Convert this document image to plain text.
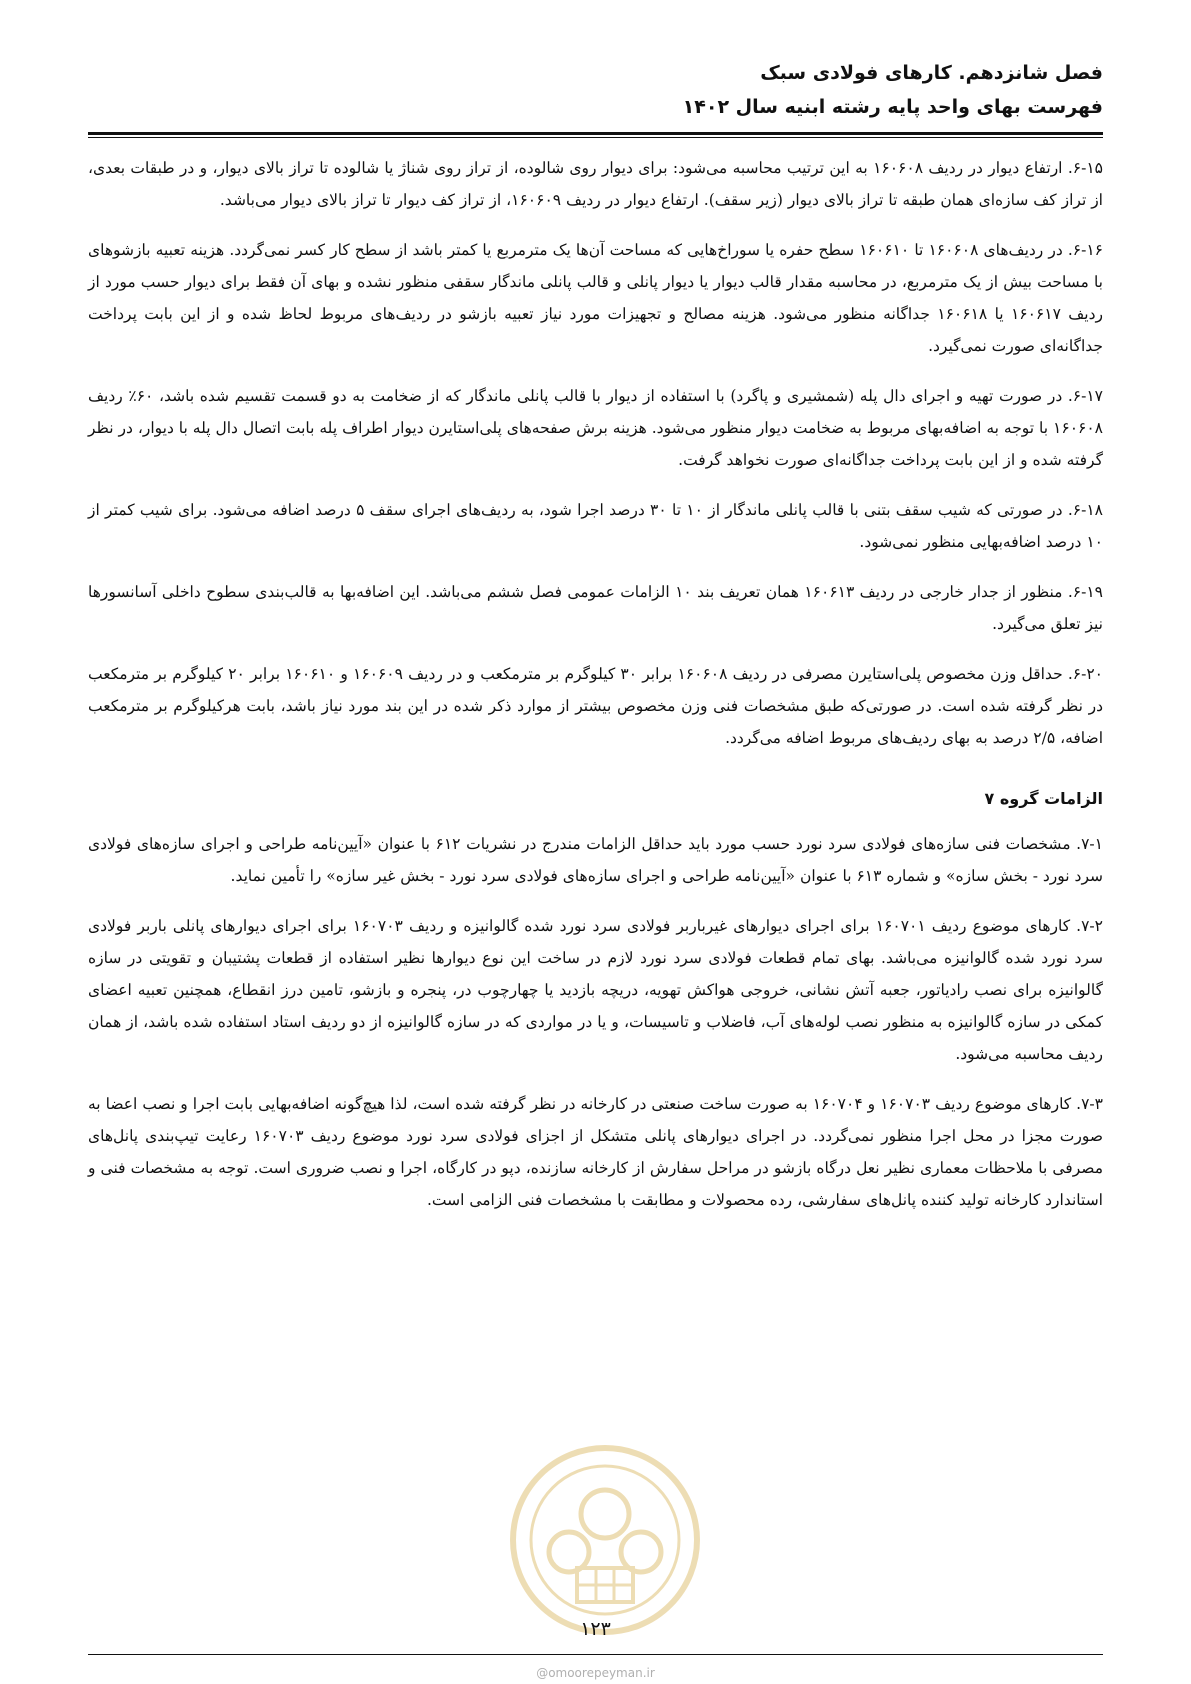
فصل شانزدهم. کارهای فولادی سبک
فهرست بهای واحد پایه رشته ابنیه سال ۱۴۰۲

۶-۱۵. ارتفاع دیوار در ردیف ۱۶۰۶۰۸ به این ترتیب محاسبه می‌شود: برای دیوار روی شالوده، از تراز روی شناژ یا شالوده تا تراز بالای دیوار، و در طبقات بعدی، از تراز کف سازه‌ای همان طبقه تا تراز بالای دیوار (زیر سقف). ارتفاع دیوار در ردیف ۱۶۰۶۰۹، از تراز کف دیوار تا تراز بالای دیوار می‌باشد.

۶-۱۶. در ردیف‌های ۱۶۰۶۰۸ تا ۱۶۰۶۱۰ سطح حفره یا سوراخ‌هایی که مساحت آن‌ها یک مترمربع یا کمتر باشد از سطح کار کسر نمی‌گردد. هزینه تعبیه بازشوهای با مساحت بیش از یک مترمربع، در محاسبه مقدار قالب دیوار یا دیوار پانلی و قالب پانلی ماندگار سقفی منظور نشده و بهای آن فقط برای دیوار حسب مورد از ردیف ۱۶۰۶۱۷ یا ۱۶۰۶۱۸ جداگانه منظور می‌شود. هزینه مصالح و تجهیزات مورد نیاز تعبیه بازشو در ردیف‌های مربوط لحاظ شده و از این بابت پرداخت جداگانه‌ای صورت نمی‌گیرد.

۶-۱۷. در صورت تهیه و اجرای دال پله (شمشیری و پاگرد) با استفاده از دیوار با قالب پانلی ماندگار که از ضخامت به دو قسمت تقسیم شده باشد، ۶۰٪ ردیف ۱۶۰۶۰۸ با توجه به اضافه‌بهای مربوط به ضخامت دیوار منظور می‌شود. هزینه برش صفحه‌های پلی‌استایرن دیوار اطراف پله بابت اتصال دال پله با دیوار، در نظر گرفته شده و از این بابت پرداخت جداگانه‌ای صورت نخواهد گرفت.

۶-۱۸. در صورتی که شیب سقف بتنی با قالب پانلی ماندگار از ۱۰ تا ۳۰ درصد اجرا شود، به ردیف‌های اجرای سقف ۵ درصد اضافه می‌شود. برای شیب کمتر از ۱۰ درصد اضافه‌بهایی منظور نمی‌شود.

۶-۱۹. منظور از جدار خارجی در ردیف ۱۶۰۶۱۳ همان تعریف بند ۱۰ الزامات عمومی فصل ششم می‌باشد. این اضافه‌بها به قالب‌بندی سطوح داخلی آسانسورها نیز تعلق می‌گیرد.

۶-۲۰. حداقل وزن مخصوص پلی‌استایرن مصرفی در ردیف ۱۶۰۶۰۸ برابر ۳۰ کیلوگرم بر مترمکعب و در ردیف ۱۶۰۶۰۹ و ۱۶۰۶۱۰ برابر ۲۰ کیلوگرم بر مترمکعب در نظر گرفته شده است. در صورتی‌که طبق مشخصات فنی وزن مخصوص بیشتر از موارد ذکر شده در این بند مورد نیاز باشد، بابت هرکیلوگرم بر مترمکعب اضافه، ۲/۵ درصد به بهای ردیف‌های مربوط اضافه می‌گردد.

الزامات گروه ۷

۷-۱. مشخصات فنی سازه‌های فولادی سرد نورد حسب مورد باید حداقل الزامات مندرج در نشریات ۶۱۲ با عنوان «آیین‌نامه طراحی و اجرای سازه‌های فولادی سرد نورد - بخش سازه» و شماره ۶۱۳ با عنوان «آیین‌نامه طراحی و اجرای سازه‌های فولادی سرد نورد - بخش غیر سازه» را تأمین نماید.

۷-۲. کارهای موضوع ردیف ۱۶۰۷۰۱ برای اجرای دیوارهای غیرباربر فولادی سرد نورد شده گالوانیزه و ردیف ۱۶۰۷۰۳ برای اجرای دیوارهای پانلی باربر فولادی سرد نورد شده گالوانیزه می‌باشد. بهای تمام قطعات فولادی سرد نورد لازم در ساخت این نوع دیوارها نظیر استفاده از قطعات پشتیبان و تقویتی در سازه گالوانیزه برای نصب رادیاتور، جعبه آتش نشانی، خروجی هواکش تهویه، دریچه بازدید یا چهارچوب در، پنجره و بازشو، تامین درز انقطاع، همچنین تعبیه اعضای کمکی در سازه گالوانیزه به منظور نصب لوله‌های آب، فاضلاب و تاسیسات، و یا در مواردی که در سازه گالوانیزه از دو ردیف استاد استفاده شده باشد، از همان ردیف محاسبه می‌شود.

۷-۳. کارهای موضوع ردیف ۱۶۰۷۰۳ و ۱۶۰۷۰۴ به صورت ساخت صنعتی در کارخانه در نظر گرفته شده است، لذا هیچ‌گونه اضافه‌بهایی بابت اجرا و نصب اعضا به صورت مجزا در محل اجرا منظور نمی‌گردد. در اجرای دیوارهای پانلی متشکل از اجزای فولادی سرد نورد موضوع ردیف ۱۶۰۷۰۳ رعایت تیپ‌بندی پانل‌های مصرفی با ملاحظات معماری نظیر نعل درگاه بازشو در مراحل سفارش از کارخانه سازنده، دپو در کارگاه، اجرا و نصب ضروری است. توجه به مشخصات فنی و استاندارد کارخانه تولید کننده پانل‌های سفارشی، رده محصولات و مطابقت با مشخصات فنی الزامی است.

۱۲۳
@omoorepeyman.ir
